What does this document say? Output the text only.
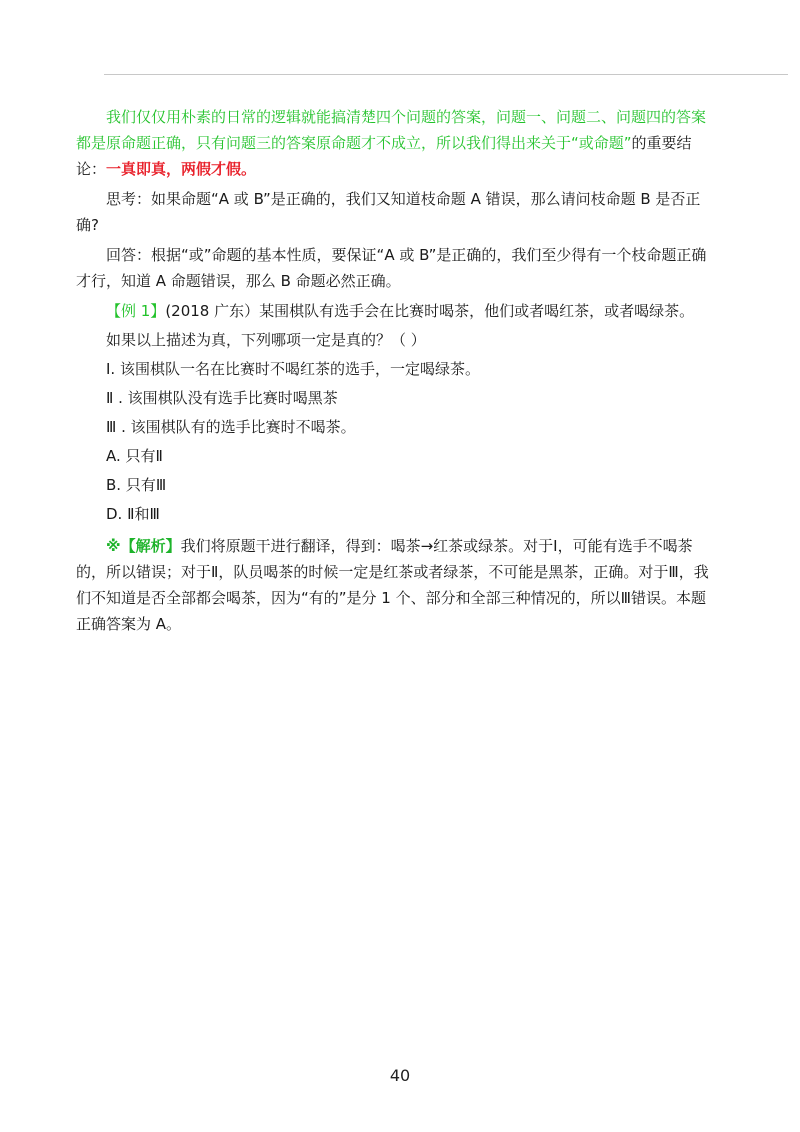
我们仅仅用朴素的日常的逻辑就能搞清楚四个问题的答案，问题一、问题二、问题四的答案都是原命题正确，只有问题三的答案原命题才不成立，所以我们得出来关于“或命题”的重要结论：一真即真，两假才假。

思考：如果命题“A 或 B”是正确的，我们又知道枝命题 A 错误，那么请问枝命题 B 是否正确?

回答：根据“或”命题的基本性质，要保证“A 或 B”是正确的，我们至少得有一个枝命题正确才行，知道 A 命题错误，那么 B 命题必然正确。

【例 1】(2018 广东）某围棋队有选手会在比赛时喝茶，他们或者喝红茶，或者喝绿茶。

如果以上描述为真，下列哪项一定是真的？（ ）

I. 该围棋队一名在比赛时不喝红茶的选手，一定喝绿茶。

Ⅱ . 该围棋队没有选手比赛时喝黑茶

Ⅲ . 该围棋队有的选手比赛时不喝茶。

A. 只有Ⅱ

B. 只有Ⅲ

D. Ⅱ和Ⅲ

※【解析】我们将原题干进行翻译，得到：喝茶→红茶或绿茶。对于Ⅰ，可能有选手不喝茶的，所以错误；对于Ⅱ，队员喝茶的时候一定是红茶或者绿茶，不可能是黑茶，正确。对于Ⅲ，我们不知道是否全部都会喝茶，因为“有的”是分 1 个、部分和全部三种情况的，所以Ⅲ错误。本题正确答案为 A。

40
